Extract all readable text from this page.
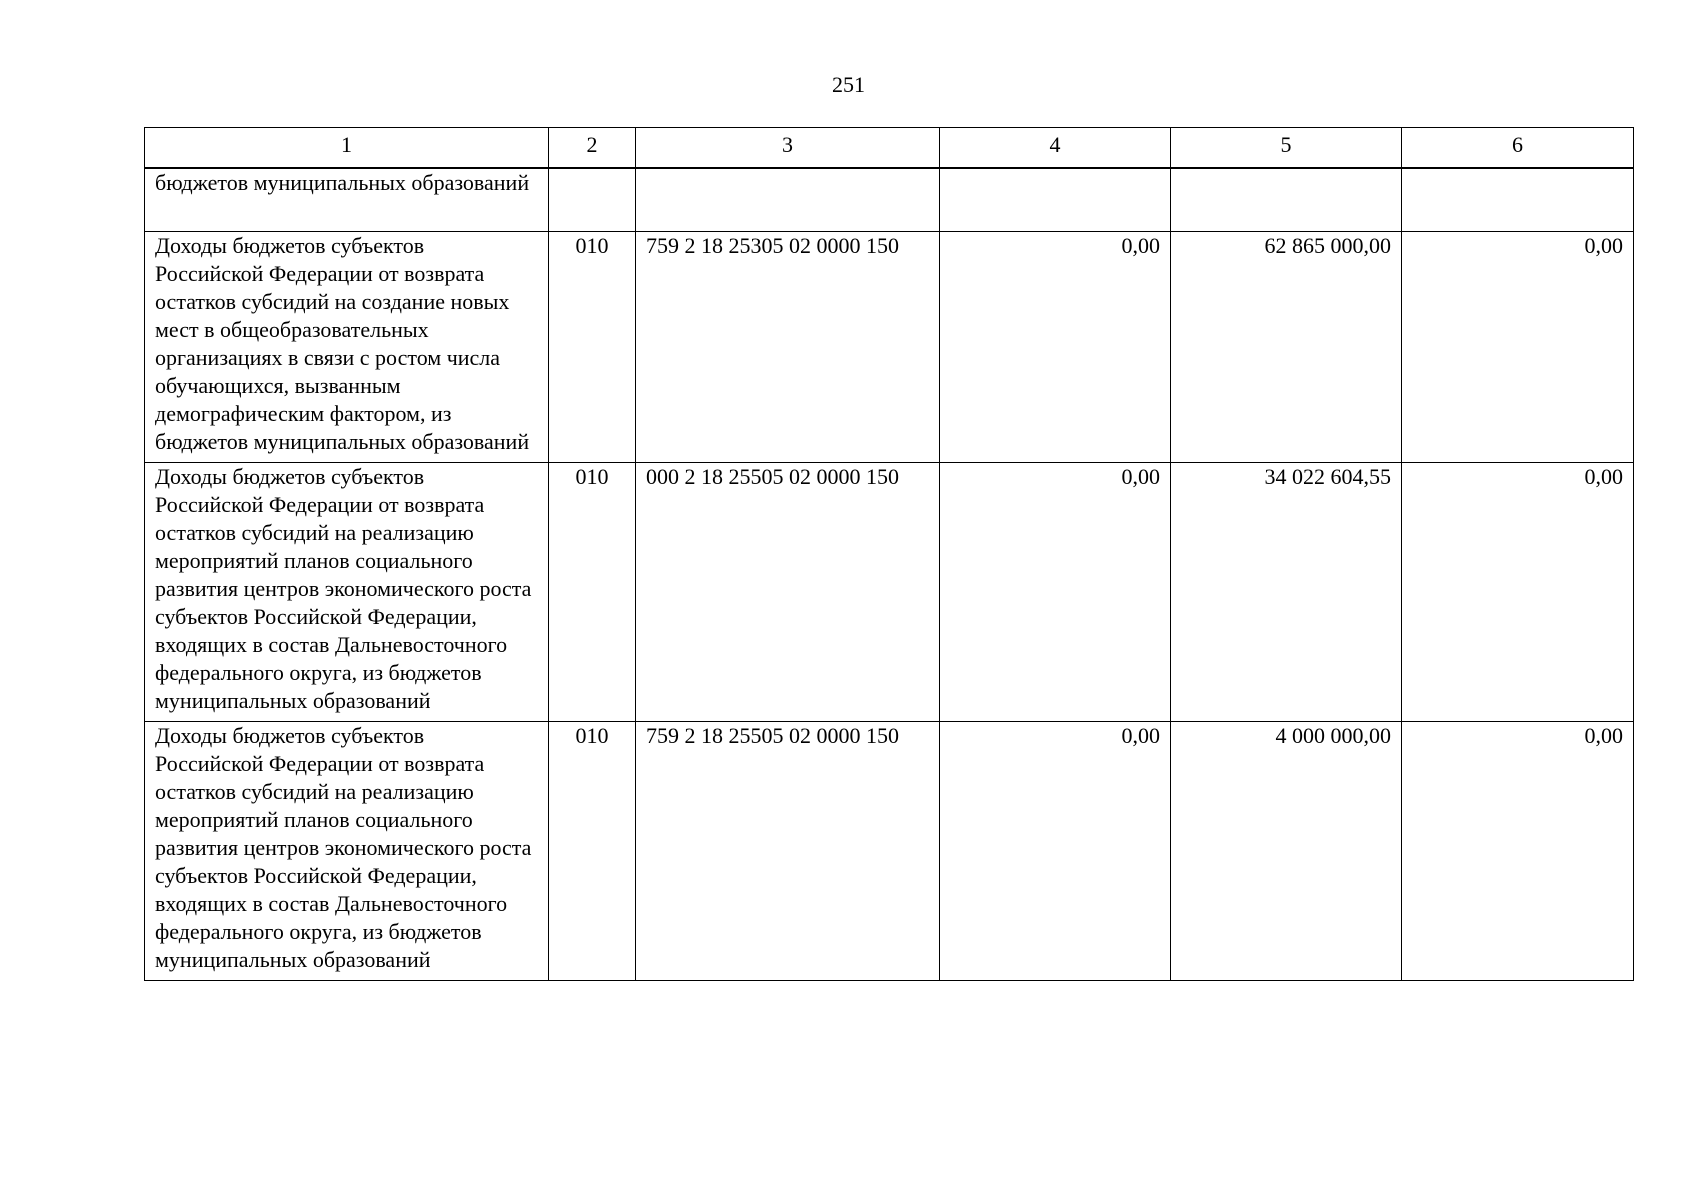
251
1	2	3	4	5	6
бюджетов муниципальных образований					
Доходы бюджетов субъектов Российской Федерации от возврата остатков субсидий на создание новых мест в общеобразовательных организациях в связи с ростом числа обучающихся, вызванным демографическим фактором, из бюджетов муниципальных образований	010	759 2 18 25305 02 0000 150	0,00	62 865 000,00	0,00
Доходы бюджетов субъектов Российской Федерации от возврата остатков субсидий на реализацию мероприятий планов социального развития центров экономического роста субъектов Российской Федерации, входящих в состав Дальневосточного федерального округа, из бюджетов муниципальных образований	010	000 2 18 25505 02 0000 150	0,00	34 022 604,55	0,00
Доходы бюджетов субъектов Российской Федерации от возврата остатков субсидий на реализацию мероприятий планов социального развития центров экономического роста субъектов Российской Федерации, входящих в состав Дальневосточного федерального округа, из бюджетов муниципальных образований	010	759 2 18 25505 02 0000 150	0,00	4 000 000,00	0,00
